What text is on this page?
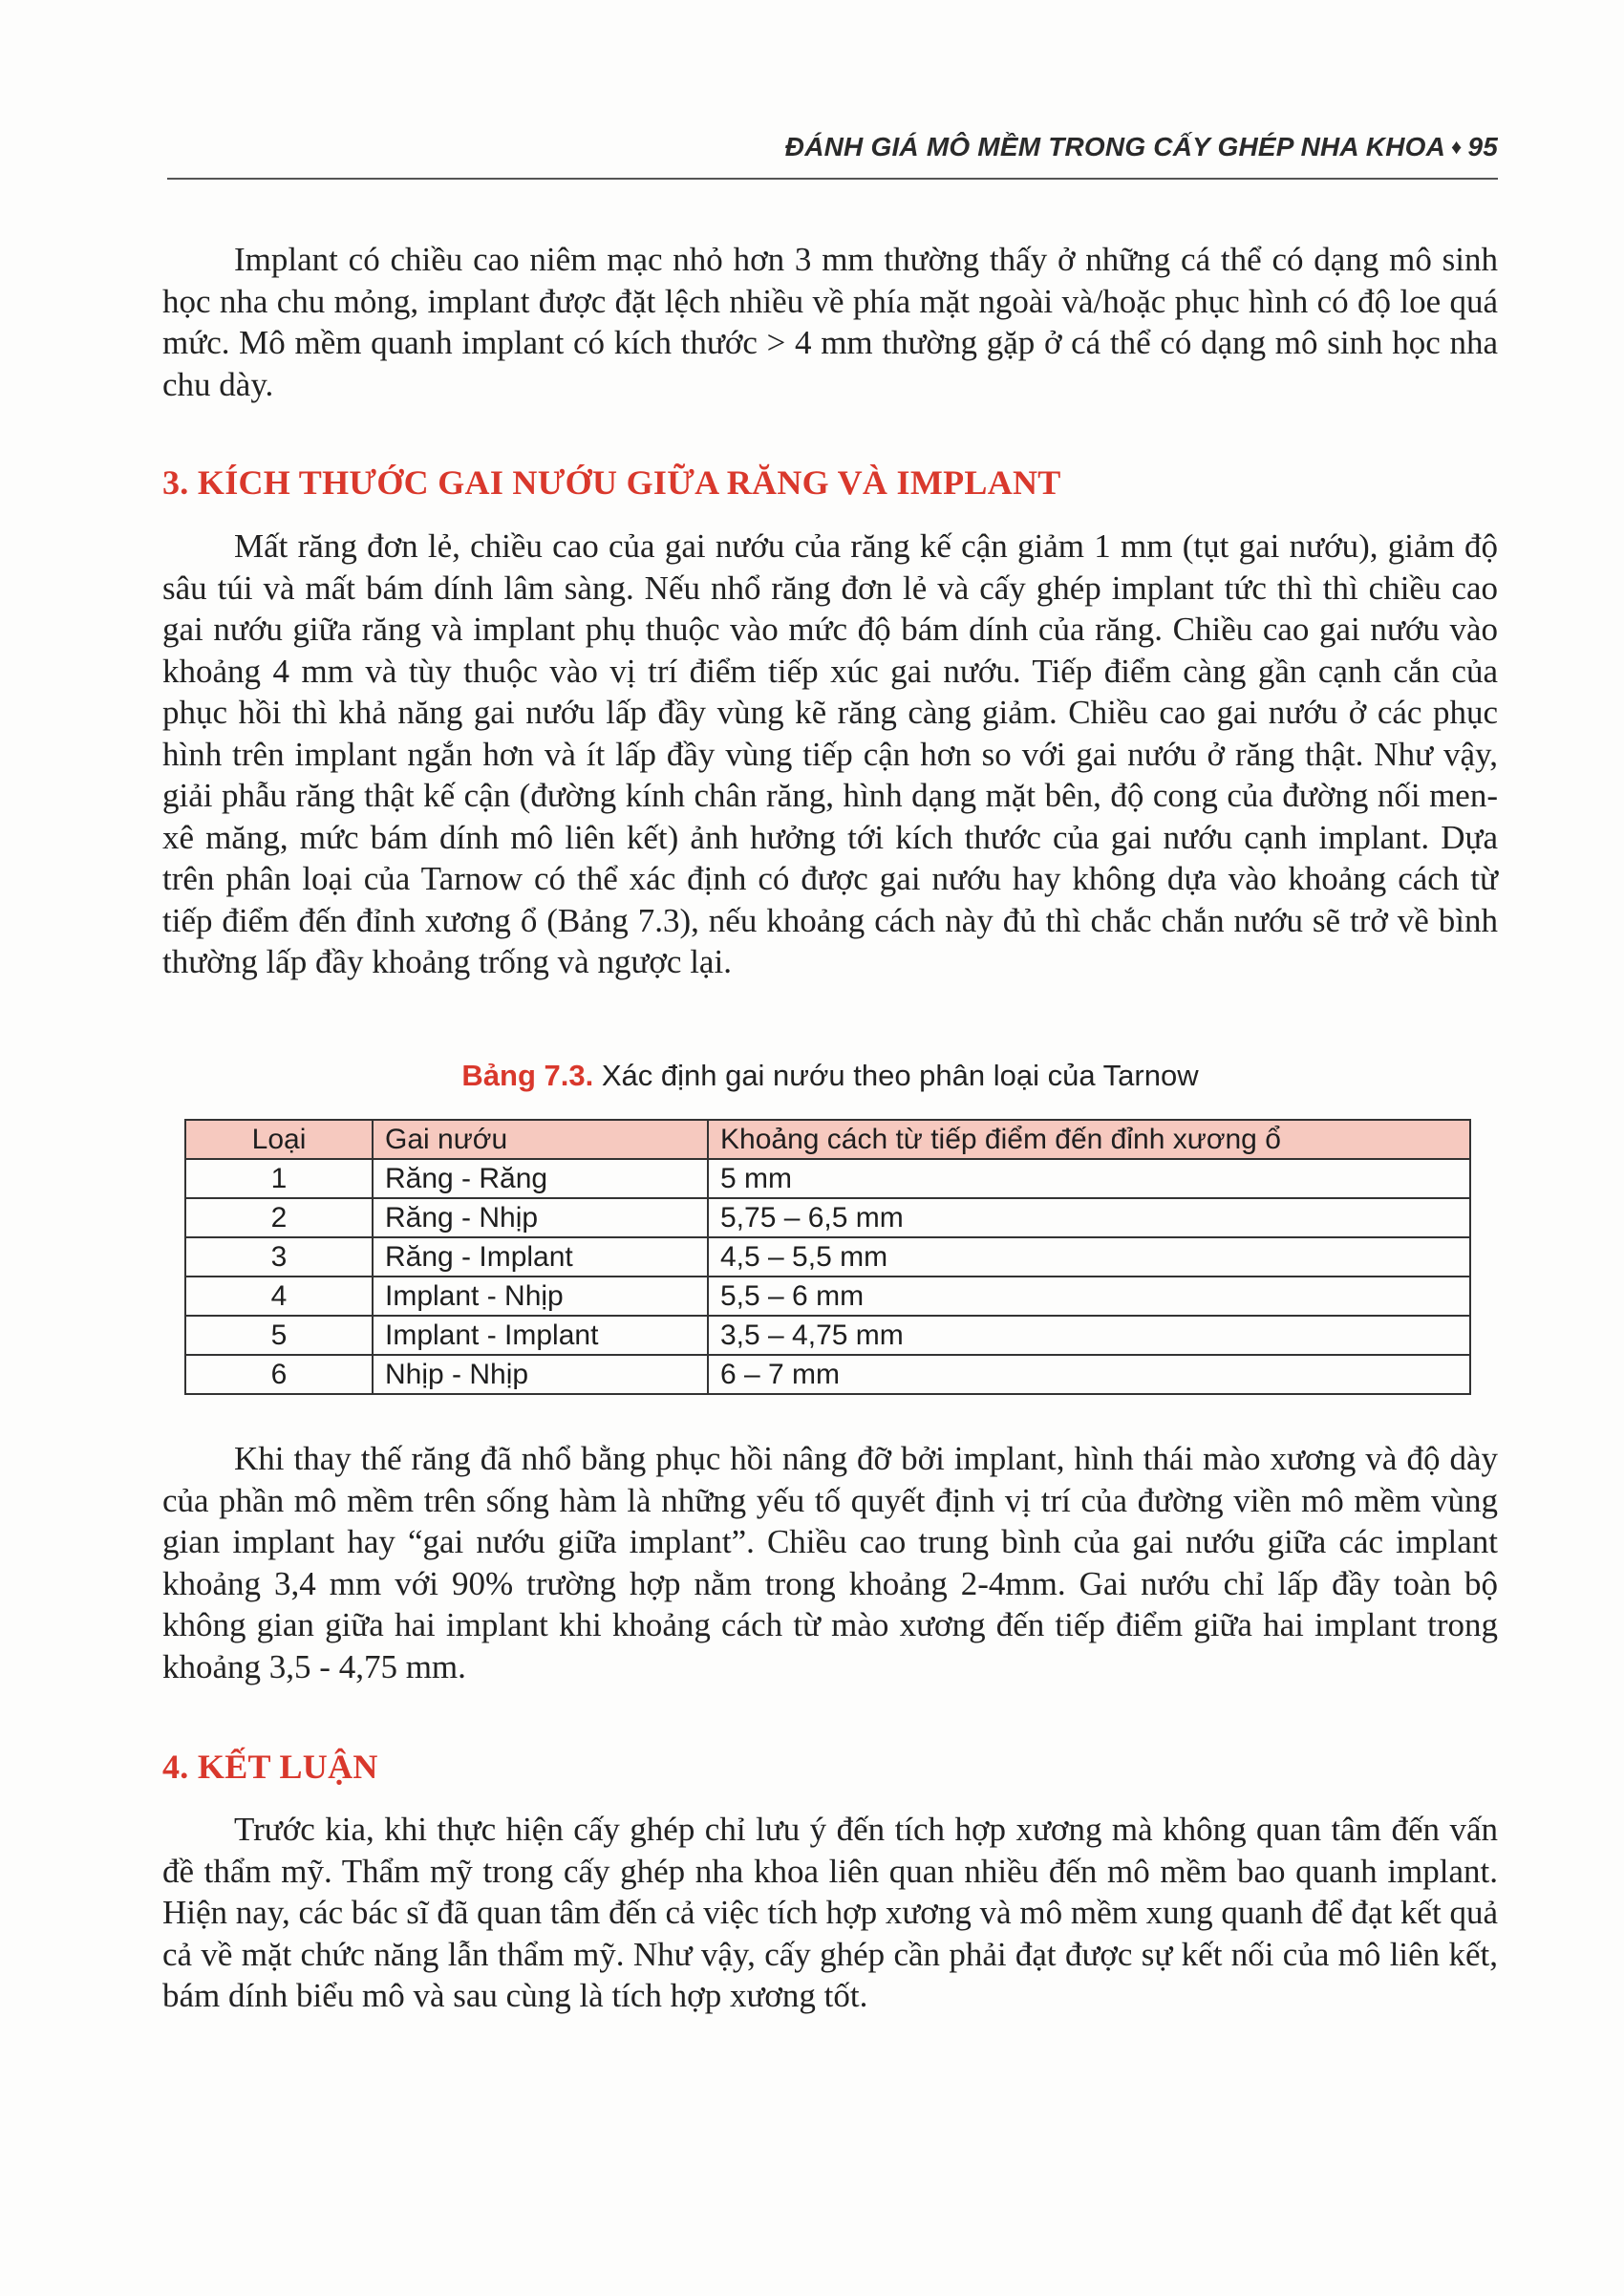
ĐÁNH GIÁ MÔ MỀM TRONG CẤY GHÉP NHA KHOA ♦ 95

Implant có chiều cao niêm mạc nhỏ hơn 3 mm thường thấy ở những cá thể có dạng mô sinh học nha chu mỏng, implant được đặt lệch nhiều về phía mặt ngoài và/hoặc phục hình có độ loe quá mức. Mô mềm quanh implant có kích thước > 4 mm thường gặp ở cá thể có dạng mô sinh học nha chu dày.

3. KÍCH THƯỚC GAI NƯỚU GIỮA RĂNG VÀ IMPLANT

Mất răng đơn lẻ, chiều cao của gai nướu của răng kế cận giảm 1 mm (tụt gai nướu), giảm độ sâu túi và mất bám dính lâm sàng. Nếu nhổ răng đơn lẻ và cấy ghép implant tức thì thì chiều cao gai nướu giữa răng và implant phụ thuộc vào mức độ bám dính của răng. Chiều cao gai nướu vào khoảng 4 mm và tùy thuộc vào vị trí điểm tiếp xúc gai nướu. Tiếp điểm càng gần cạnh cắn của phục hồi thì khả năng gai nướu lấp đầy vùng kẽ răng càng giảm. Chiều cao gai nướu ở các phục hình trên implant ngắn hơn và ít lấp đầy vùng tiếp cận hơn so với gai nướu ở răng thật. Như vậy, giải phẫu răng thật kế cận (đường kính chân răng, hình dạng mặt bên, độ cong của đường nối men-xê măng, mức bám dính mô liên kết) ảnh hưởng tới kích thước của gai nướu cạnh implant. Dựa trên phân loại của Tarnow có thể xác định có được gai nướu hay không dựa vào khoảng cách từ tiếp điểm đến đỉnh xương ổ (Bảng 7.3), nếu khoảng cách này đủ thì chắc chắn nướu sẽ trở về bình thường lấp đầy khoảng trống và ngược lại.

Bảng 7.3. Xác định gai nướu theo phân loại của Tarnow
Loại	Gai nướu	Khoảng cách từ tiếp điểm đến đỉnh xương ổ
1	Răng - Răng	5 mm
2	Răng - Nhịp	5,75 – 6,5 mm
3	Răng - Implant	4,5 – 5,5 mm
4	Implant - Nhịp	5,5 – 6 mm
5	Implant - Implant	3,5 – 4,75 mm
6	Nhịp - Nhịp	6 – 7 mm

Khi thay thế răng đã nhổ bằng phục hồi nâng đỡ bởi implant, hình thái mào xương và độ dày của phần mô mềm trên sống hàm là những yếu tố quyết định vị trí của đường viền mô mềm vùng gian implant hay “gai nướu giữa implant”. Chiều cao trung bình của gai nướu giữa các implant khoảng 3,4 mm với 90% trường hợp nằm trong khoảng 2-4mm. Gai nướu chỉ lấp đầy toàn bộ không gian giữa hai implant khi khoảng cách từ mào xương đến tiếp điểm giữa hai implant trong khoảng 3,5 - 4,75 mm.

4. KẾT LUẬN

Trước kia, khi thực hiện cấy ghép chỉ lưu ý đến tích hợp xương mà không quan tâm đến vấn đề thẩm mỹ. Thẩm mỹ trong cấy ghép nha khoa liên quan nhiều đến mô mềm bao quanh implant. Hiện nay, các bác sĩ đã quan tâm đến cả việc tích hợp xương và mô mềm xung quanh để đạt kết quả cả về mặt chức năng lẫn thẩm mỹ. Như vậy, cấy ghép cần phải đạt được sự kết nối của mô liên kết, bám dính biểu mô và sau cùng là tích hợp xương tốt.
